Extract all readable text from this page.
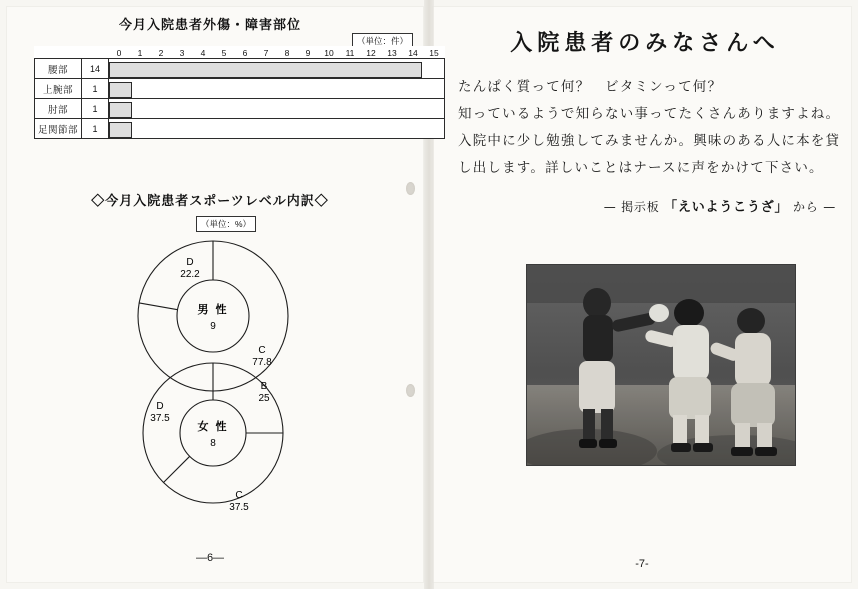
今月入院患者外傷・障害部位
（単位：件）
		0	1	2	3	4	5	6	7	8	9	10	11	12	13	14	15
腰部	14																

上腕部	1																

肘部	1																

足関節部	1																
◇今月入院患者スポーツレベル内訳◇
（単位：%）
D
22.2
C
77.8
男 性
9
B
25
C
37.5
D
37.5
女 性
8
—6—
入院患者のみなさんへ
たんぱく質って何？　ビタミンって何？
知っているようで知らない事ってたくさんありますよね。
入院中に少し勉強してみませんか。興味のある人に本を貸
し出します。詳しいことはナースに声をかけて下さい。
— 掲示板 「えいようこうざ」 から —
-7-
